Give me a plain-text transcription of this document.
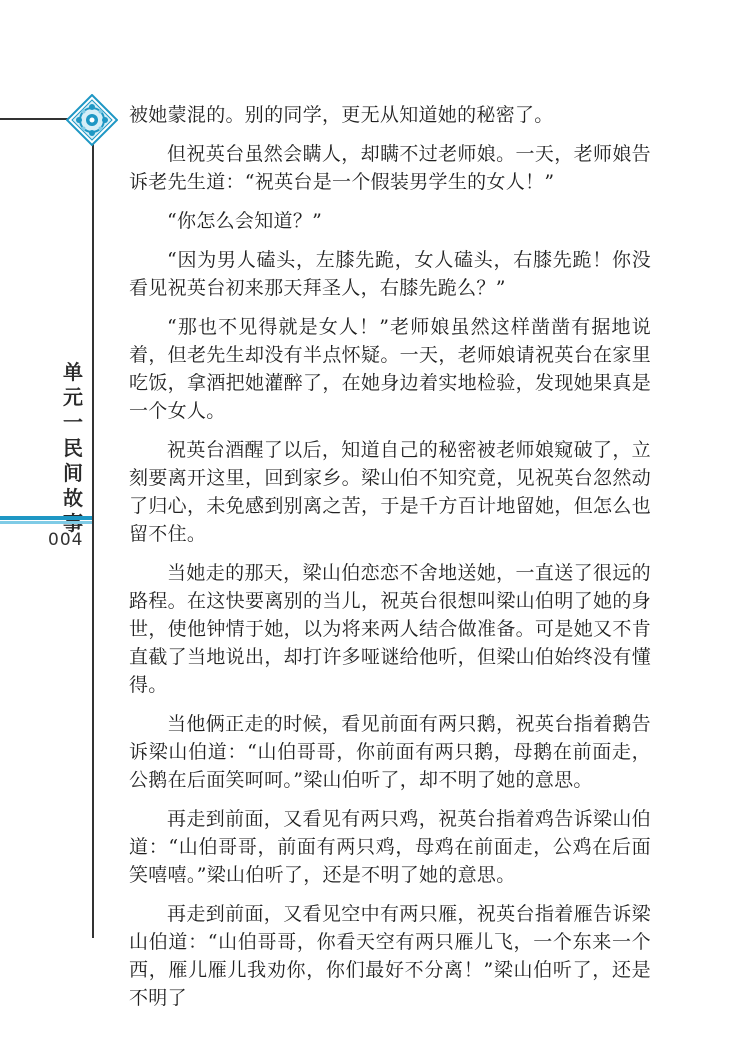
单元一
民间故事
004

被她蒙混的。别的同学，更无从知道她的秘密了。

但祝英台虽然会瞒人，却瞒不过老师娘。一天，老师娘告诉老先生道：“祝英台是一个假装男学生的女人！”

“你怎么会知道？”

“因为男人磕头，左膝先跪，女人磕头，右膝先跪！你没看见祝英台初来那天拜圣人，右膝先跪么？”

“那也不见得就是女人！”老师娘虽然这样凿凿有据地说着，但老先生却没有半点怀疑。一天，老师娘请祝英台在家里吃饭，拿酒把她灌醉了，在她身边着实地检验，发现她果真是一个女人。

祝英台酒醒了以后，知道自己的秘密被老师娘窥破了，立刻要离开这里，回到家乡。梁山伯不知究竟，见祝英台忽然动了归心，未免感到别离之苦，于是千方百计地留她，但怎么也留不住。

当她走的那天，梁山伯恋恋不舍地送她，一直送了很远的路程。在这快要离别的当儿，祝英台很想叫梁山伯明了她的身世，使他钟情于她，以为将来两人结合做准备。可是她又不肯直截了当地说出，却打许多哑谜给他听，但梁山伯始终没有懂得。

当他俩正走的时候，看见前面有两只鹅，祝英台指着鹅告诉梁山伯道：“山伯哥哥，你前面有两只鹅，母鹅在前面走，公鹅在后面笑呵呵。”梁山伯听了，却不明了她的意思。

再走到前面，又看见有两只鸡，祝英台指着鸡告诉梁山伯道：“山伯哥哥，前面有两只鸡，母鸡在前面走，公鸡在后面笑嘻嘻。”梁山伯听了，还是不明了她的意思。

再走到前面，又看见空中有两只雁，祝英台指着雁告诉梁山伯道：“山伯哥哥，你看天空有两只雁儿飞，一个东来一个西，雁儿雁儿我劝你，你们最好不分离！”梁山伯听了，还是不明了
